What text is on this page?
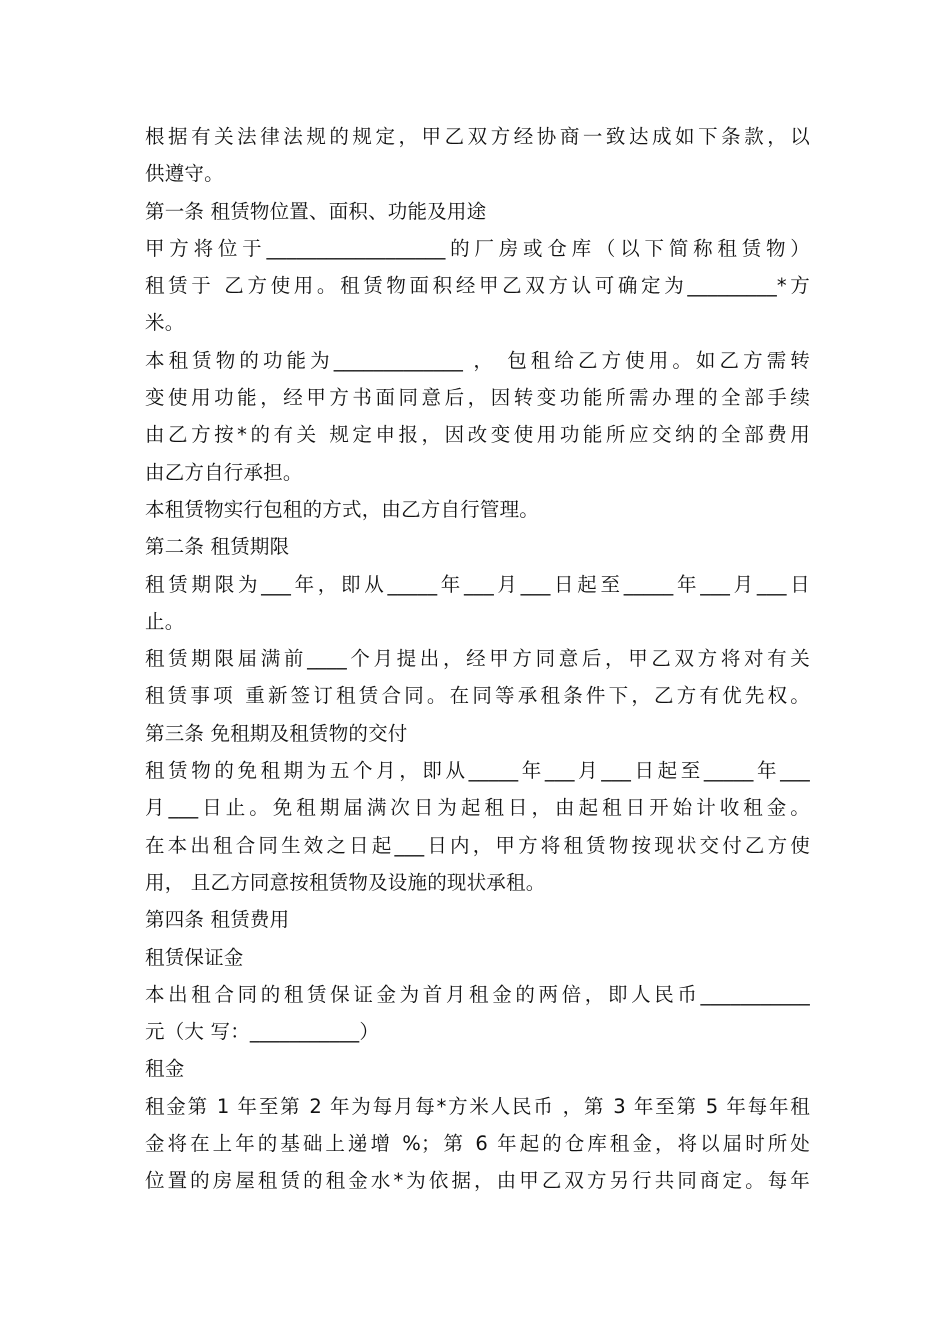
根据有关法律法规的规定，甲乙双方经协商一致达成如下条款，以
供遵守。
第一条 租赁物位置、面积、功能及用途
甲方将位于__________________的厂房或仓库（以下简称租赁物）
租赁于 乙方使用。租赁物面积经甲乙双方认可确定为_________*方
米。
本租赁物的功能为_____________ ， 包租给乙方使用。如乙方需转
变使用功能，经甲方书面同意后，因转变功能所需办理的全部手续
由乙方按*的有关 规定申报，因改变使用功能所应交纳的全部费用
由乙方自行承担。
本租赁物实行包租的方式，由乙方自行管理。
第二条 租赁期限
租赁期限为___年，即从_____年___月___日起至_____年___月___日
止。
租赁期限届满前____个月提出，经甲方同意后，甲乙双方将对有关
租赁事项 重新签订租赁合同。在同等承租条件下，乙方有优先权。
第三条 免租期及租赁物的交付
租赁物的免租期为五个月，即从_____年___月___日起至_____年___
月___日止。免租期届满次日为起租日，由起租日开始计收租金。
在本出租合同生效之日起___日内，甲方将租赁物按现状交付乙方使
用， 且乙方同意按租赁物及设施的现状承租。
第四条 租赁费用
租赁保证金
本出租合同的租赁保证金为首月租金的两倍，即人民币___________
元（大 写：___________）
租金
租金第 1 年至第 2 年为每月每*方米人民币 ，第 3 年至第 5 年每年租
金将在上年的基础上递增 %；第 6 年起的仓库租金，将以届时所处
位置的房屋租赁的租金水*为依据，由甲乙双方另行共同商定。每年
